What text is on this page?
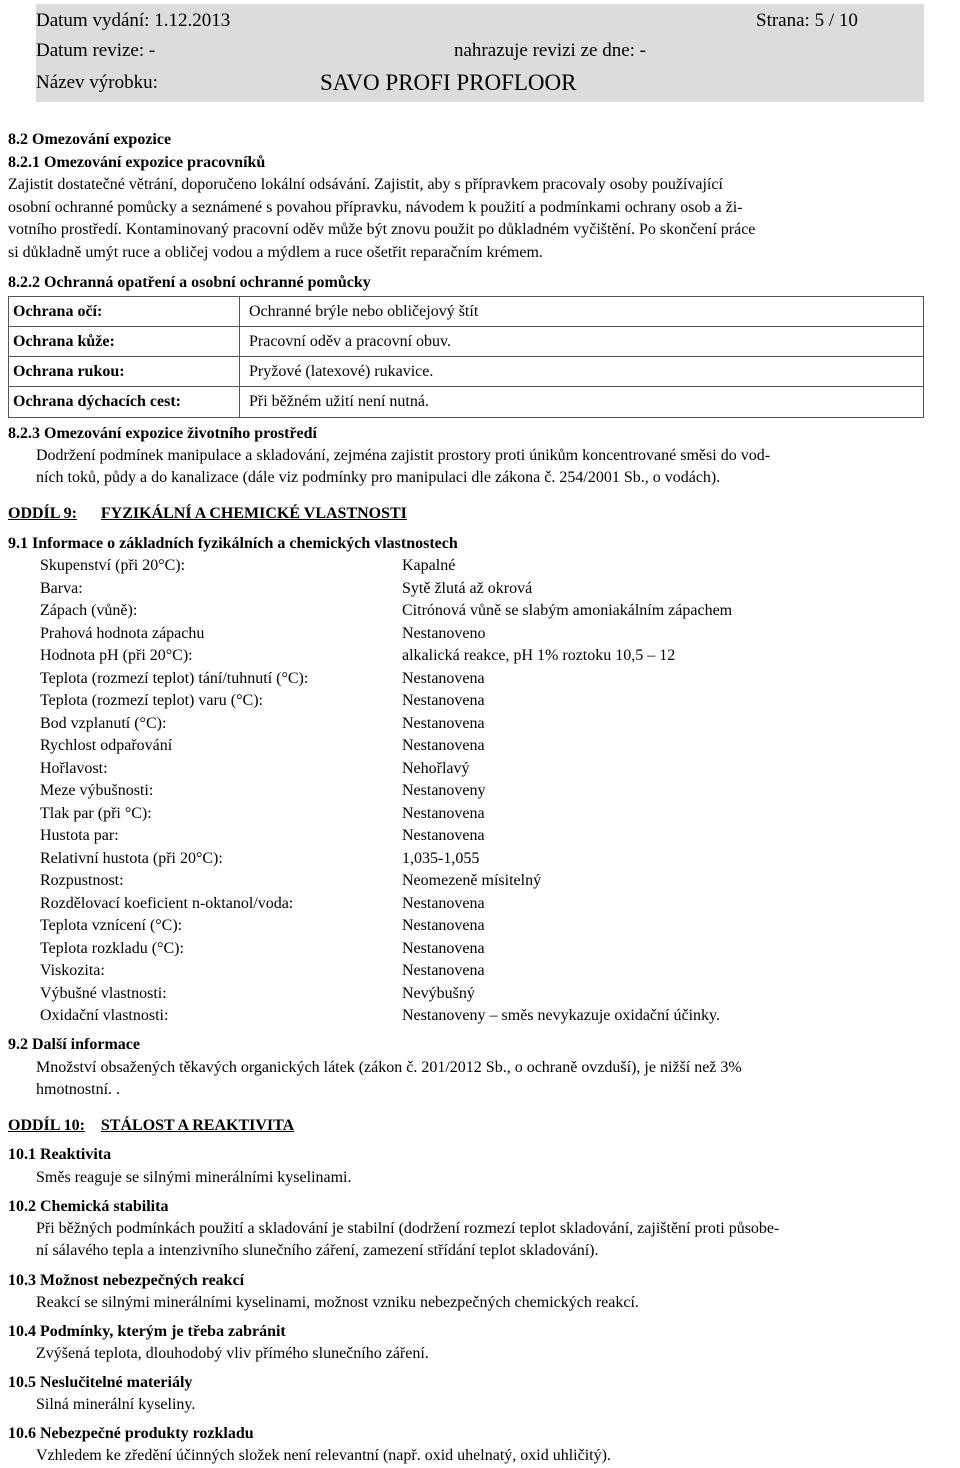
Datum vydání: 1.12.2013	Strana: 5 / 10
Datum revize: -	nahrazuje revizi ze dne: -
Název výrobku:	SAVO PROFI PROFLOOR
8.2 Omezování expozice
8.2.1 Omezování expozice pracovníků
Zajistit dostatečné větrání, doporučeno lokální odsávání. Zajistit, aby s přípravkem pracovaly osoby používající
osobní ochranné pomůcky a seznámené s povahou přípravku, návodem k použití a podmínkami ochrany osob a ži-
votního prostředí. Kontaminovaný pracovní oděv může být znovu použit po důkladném vyčištění. Po skončení práce
si důkladně umýt ruce a obličej vodou a mýdlem a ruce ošetřit reparačním krémem.
8.2.2 Ochranná opatření a osobní ochranné pomůcky
Ochrana očí:	Ochranné brýle nebo obličejový štít
Ochrana kůže:	Pracovní oděv a pracovní obuv.
Ochrana rukou:	Pryžové (latexové) rukavice.
Ochrana dýchacích cest:	Při běžném užití není nutná.
8.2.3 Omezování expozice životního prostředí
Dodržení podmínek manipulace a skladování, zejména zajistit prostory proti únikům koncentrované směsi do vod-
ních toků, půdy a do kanalizace (dále viz podmínky pro manipulaci dle zákona č. 254/2001 Sb., o vodách).
ODDÍL 9: FYZIKÁLNÍ A CHEMICKÉ VLASTNOSTI
9.1 Informace o základních fyzikálních a chemických vlastnostech
Skupenství (při 20°C):	Kapalné
Barva:	Sytě žlutá až okrová
Zápach (vůně):	Citrónová vůně se slabým amoniakálním zápachem
Prahová hodnota zápachu	Nestanoveno
Hodnota pH (při 20°C):	alkalická reakce, pH 1% roztoku 10,5 – 12
Teplota (rozmezí teplot) tání/tuhnutí (°C):	Nestanovena
Teplota (rozmezí teplot) varu (°C):	Nestanovena
Bod vzplanutí (°C):	Nestanovena
Rychlost odpařování	Nestanovena
Hořlavost:	Nehořlavý
Meze výbušnosti:	Nestanoveny
Tlak par (při °C):	Nestanovena
Hustota par:	Nestanovena
Relativní hustota (při 20°C):	1,035-1,055
Rozpustnost:	Neomezeně mísitelný
Rozdělovací koeficient n-oktanol/voda:	Nestanovena
Teplota vznícení (°C):	Nestanovena
Teplota rozkladu (°C):	Nestanovena
Viskozita:	Nestanovena
Výbušné vlastnosti:	Nevýbušný
Oxidační vlastnosti:	Nestanoveny – směs nevykazuje oxidační účinky.
9.2 Další informace
Množství obsažených těkavých organických látek (zákon č. 201/2012 Sb., o ochraně ovzduší), je nižší než 3%
hmotnostní. .
ODDÍL 10: STÁLOST A REAKTIVITA
10.1 Reaktivita
Směs reaguje se silnými minerálními kyselinami.
10.2 Chemická stabilita
Při běžných podmínkách použití a skladování je stabilní (dodržení rozmezí teplot skladování, zajištění proti působe-
ní sálavého tepla a intenzivního slunečního záření, zamezení střídání teplot skladování).
10.3 Možnost nebezpečných reakcí
Reakcí se silnými minerálními kyselinami, možnost vzniku nebezpečných chemických reakcí.
10.4 Podmínky, kterým je třeba zabránit
Zvýšená teplota, dlouhodobý vliv přímého slunečního záření.
10.5 Neslučitelné materiály
Silná minerální kyseliny.
10.6 Nebezpečné produkty rozkladu
Vzhledem ke zředění účinných složek není relevantní (např. oxid uhelnatý, oxid uhličitý).
